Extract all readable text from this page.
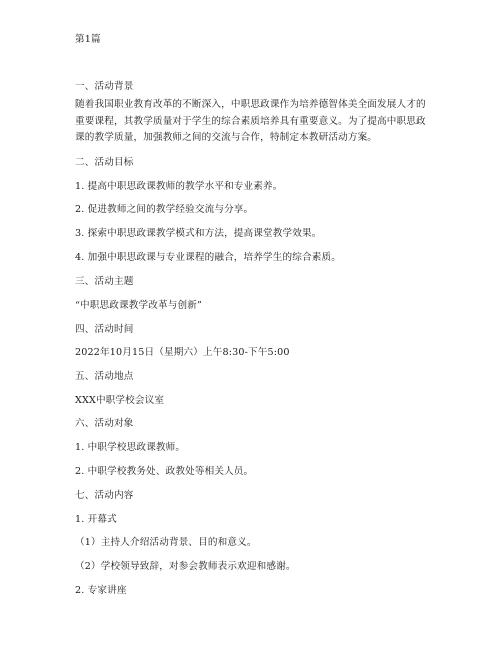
第1篇
一、活动背景
随着我国职业教育改革的不断深入，中职思政课作为培养德智体美全面发展人才的重要课程，其教学质量对于学生的综合素质培养具有重要意义。为了提高中职思政课的教学质量，加强教师之间的交流与合作，特制定本教研活动方案。
二、活动目标
1. 提高中职思政课教师的教学水平和专业素养。
2. 促进教师之间的教学经验交流与分享。
3. 探索中职思政课教学模式和方法，提高课堂教学效果。
4. 加强中职思政课与专业课程的融合，培养学生的综合素质。
三、活动主题
“中职思政课教学改革与创新”
四、活动时间
2022年10月15日（星期六）上午8:30-下午5:00
五、活动地点
XXX中职学校会议室
六、活动对象
1. 中职学校思政课教师。
2. 中职学校教务处、政教处等相关人员。
七、活动内容
1. 开幕式
（1）主持人介绍活动背景、目的和意义。
（2）学校领导致辞，对参会教师表示欢迎和感谢。
2. 专家讲座
